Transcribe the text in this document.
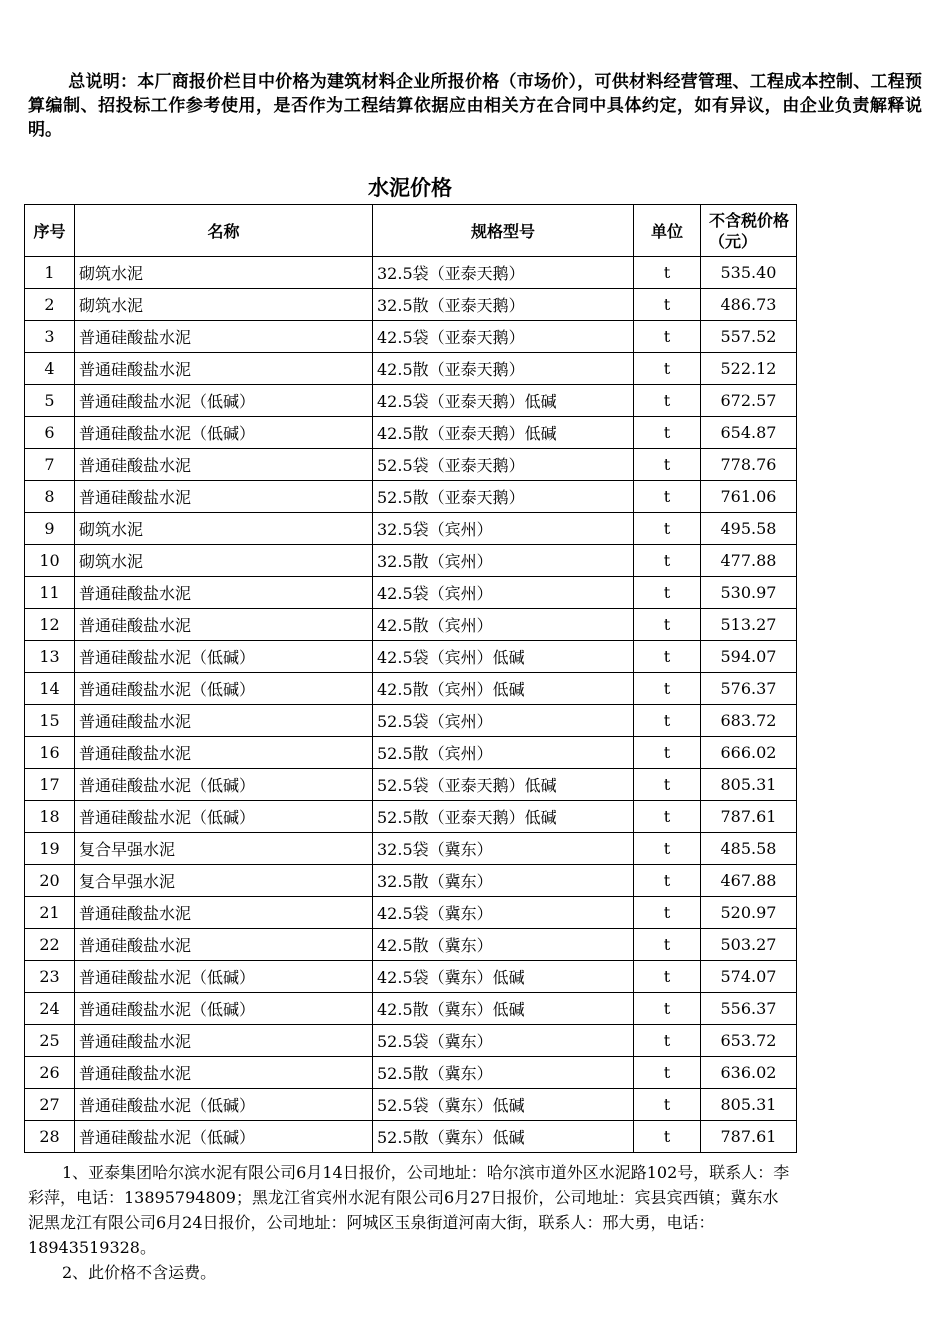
总说明：本厂商报价栏目中价格为建筑材料企业所报价格（市场价），可供材料经营管理、工程成本控制、工程预算编制、招投标工作参考使用，是否作为工程结算依据应由相关方在合同中具体约定，如有异议，由企业负责解释说明。
水泥价格
序号	名称	规格型号	单位	不含税价格（元）
1	砌筑水泥	32.5袋（亚泰天鹅）	t	535.40
2	砌筑水泥	32.5散（亚泰天鹅）	t	486.73
3	普通硅酸盐水泥	42.5袋（亚泰天鹅）	t	557.52
4	普通硅酸盐水泥	42.5散（亚泰天鹅）	t	522.12
5	普通硅酸盐水泥（低碱）	42.5袋（亚泰天鹅）低碱	t	672.57
6	普通硅酸盐水泥（低碱）	42.5散（亚泰天鹅）低碱	t	654.87
7	普通硅酸盐水泥	52.5袋（亚泰天鹅）	t	778.76
8	普通硅酸盐水泥	52.5散（亚泰天鹅）	t	761.06
9	砌筑水泥	32.5袋（宾州）	t	495.58
10	砌筑水泥	32.5散（宾州）	t	477.88
11	普通硅酸盐水泥	42.5袋（宾州）	t	530.97
12	普通硅酸盐水泥	42.5散（宾州）	t	513.27
13	普通硅酸盐水泥（低碱）	42.5袋（宾州）低碱	t	594.07
14	普通硅酸盐水泥（低碱）	42.5散（宾州）低碱	t	576.37
15	普通硅酸盐水泥	52.5袋（宾州）	t	683.72
16	普通硅酸盐水泥	52.5散（宾州）	t	666.02
17	普通硅酸盐水泥（低碱）	52.5袋（亚泰天鹅）低碱	t	805.31
18	普通硅酸盐水泥（低碱）	52.5散（亚泰天鹅）低碱	t	787.61
19	复合早强水泥	32.5袋（冀东）	t	485.58
20	复合早强水泥	32.5散（冀东）	t	467.88
21	普通硅酸盐水泥	42.5袋（冀东）	t	520.97
22	普通硅酸盐水泥	42.5散（冀东）	t	503.27
23	普通硅酸盐水泥（低碱）	42.5袋（冀东）低碱	t	574.07
24	普通硅酸盐水泥（低碱）	42.5散（冀东）低碱	t	556.37
25	普通硅酸盐水泥	52.5袋（冀东）	t	653.72
26	普通硅酸盐水泥	52.5散（冀东）	t	636.02
27	普通硅酸盐水泥（低碱）	52.5袋（冀东）低碱	t	805.31
28	普通硅酸盐水泥（低碱）	52.5散（冀东）低碱	t	787.61

1、亚泰集团哈尔滨水泥有限公司6月14日报价，公司地址：哈尔滨市道外区水泥路102号，联系人：李彩萍，电话：13895794809；黑龙江省宾州水泥有限公司6月27日报价，公司地址：宾县宾西镇；冀东水泥黑龙江有限公司6月24日报价，公司地址：阿城区玉泉街道河南大街，联系人：邢大勇，电话：18943519328。

2、此价格不含运费。
